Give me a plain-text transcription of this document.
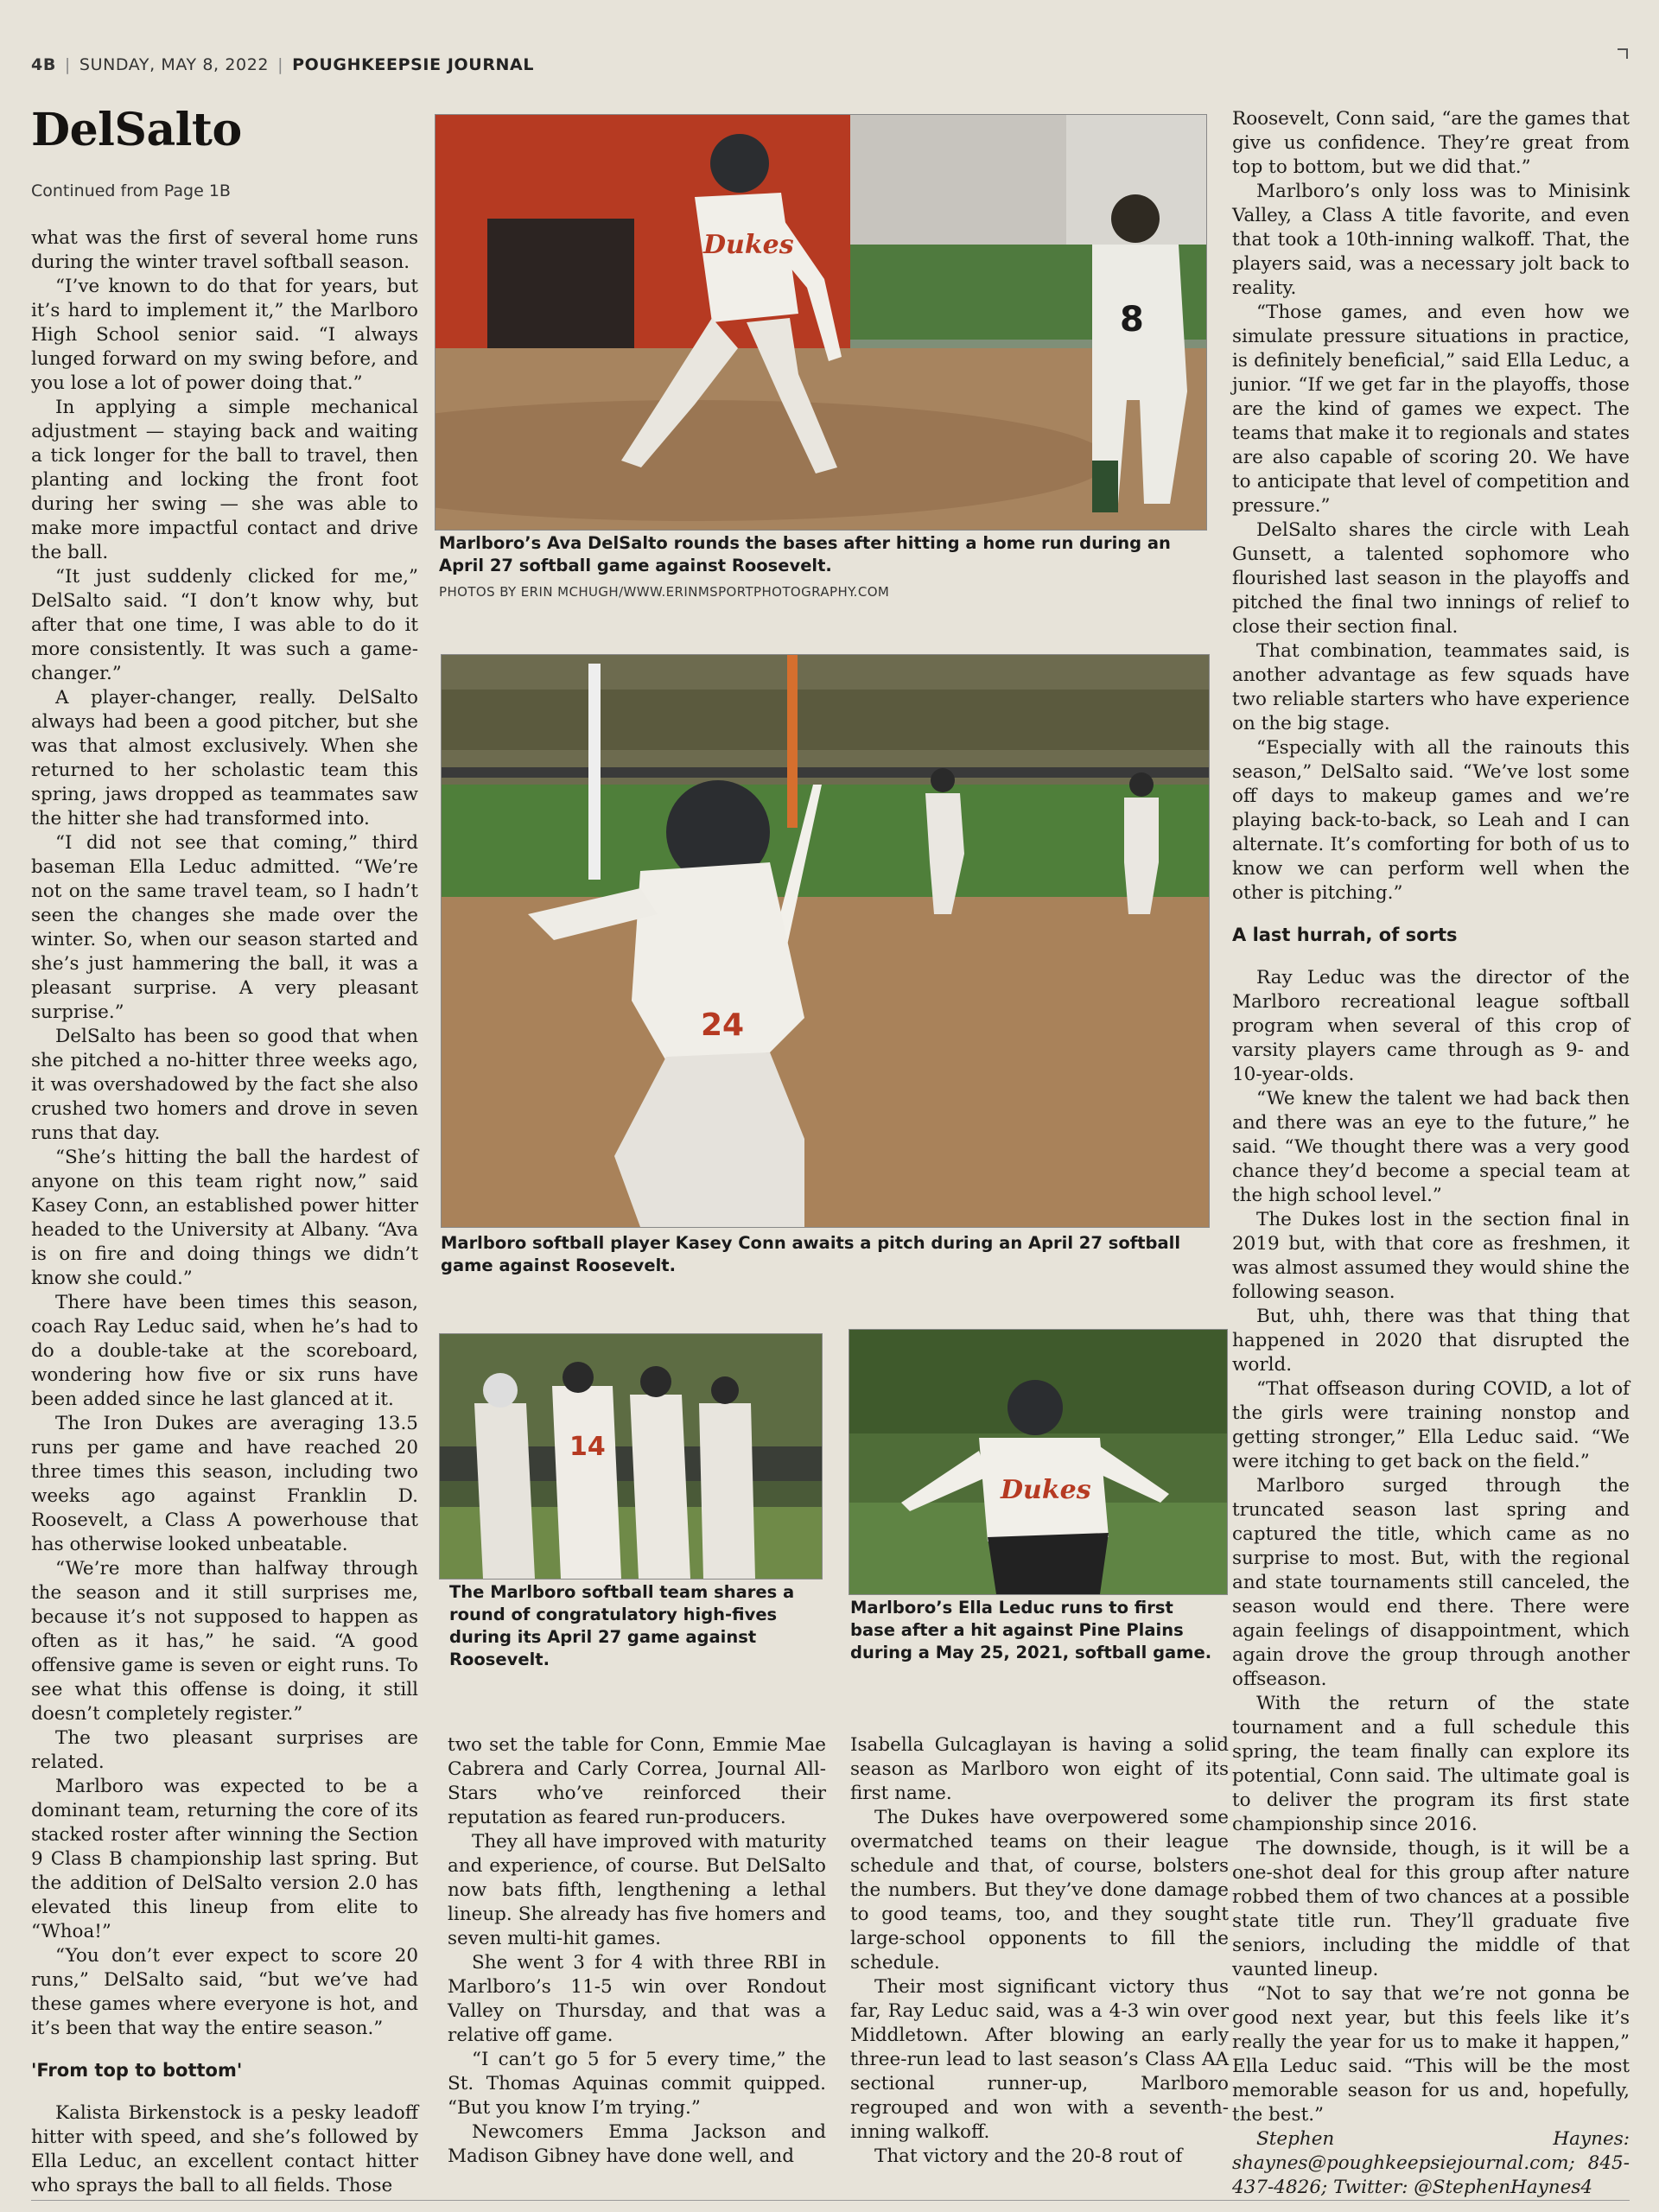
4B | SUNDAY, MAY 8, 2022 | POUGHKEEPSIE JOURNAL
DelSalto
Continued from Page 1B

what was the first of several home runs during the winter travel softball season.

“I’ve known to do that for years, but it’s hard to implement it,” the Marlboro High School senior said. “I always lunged forward on my swing before, and you lose a lot of power doing that.”

In applying a simple mechanical adjustment — staying back and waiting a tick longer for the ball to travel, then planting and locking the front foot during her swing — she was able to make more impactful contact and drive the ball.

“It just suddenly clicked for me,” DelSalto said. “I don’t know why, but after that one time, I was able to do it more consistently. It was such a game-changer.”

A player-changer, really. DelSalto always had been a good pitcher, but she was that almost exclusively. When she returned to her scholastic team this spring, jaws dropped as teammates saw the hitter she had transformed into.

“I did not see that coming,” third baseman Ella Leduc admitted. “We’re not on the same travel team, so I hadn’t seen the changes she made over the winter. So, when our season started and she’s just hammering the ball, it was a pleasant surprise. A very pleasant surprise.”

DelSalto has been so good that when she pitched a no-hitter three weeks ago, it was overshadowed by the fact she also crushed two homers and drove in seven runs that day.

“She’s hitting the ball the hardest of anyone on this team right now,” said Kasey Conn, an established power hitter headed to the University at Albany. “Ava is on fire and doing things we didn’t know she could.”

There have been times this season, coach Ray Leduc said, when he’s had to do a double-take at the scoreboard, wondering how five or six runs have been added since he last glanced at it.

The Iron Dukes are averaging 13.5 runs per game and have reached 20 three times this season, including two weeks ago against Franklin D. Roosevelt, a Class A powerhouse that has otherwise looked unbeatable.

“We’re more than halfway through the season and it still surprises me, because it’s not supposed to happen as often as it has,” he said. “A good offensive game is seven or eight runs. To see what this offense is doing, it still doesn’t completely register.”

The two pleasant surprises are related.

Marlboro was expected to be a dominant team, returning the core of its stacked roster after winning the Section 9 Class B championship last spring. But the addition of DelSalto version 2.0 has elevated this lineup from elite to “Whoa!”

“You don’t ever expect to score 20 runs,” DelSalto said, “but we’ve had these games where everyone is hot, and it’s been that way the entire season.”

'From top to bottom'

Kalista Birkenstock is a pesky leadoff hitter with speed, and she’s followed by Ella Leduc, an excellent contact hitter who sprays the ball to all fields. Those

Dukes
8
Marlboro’s Ava DelSalto rounds the bases after hitting a home run during an April 27 softball game against Roosevelt.
PHOTOS BY ERIN MCHUGH/WWW.ERINMSPORTPHOTOGRAPHY.COM
24
Marlboro softball player Kasey Conn awaits a pitch during an April 27 softball game against Roosevelt.
14
The Marlboro softball team shares a round of congratulatory high-fives during its April 27 game against Roosevelt.
Dukes
Marlboro’s Ella Leduc runs to first base after a hit against Pine Plains during a May 25, 2021, softball game.

two set the table for Conn, Emmie Mae Cabrera and Carly Correa, Journal All-Stars who’ve reinforced their reputation as feared run-producers.

They all have improved with maturity and experience, of course. But DelSalto now bats fifth, lengthening a lethal lineup. She already has five homers and seven multi-hit games.

She went 3 for 4 with three RBI in Marlboro’s 11-5 win over Rondout Valley on Thursday, and that was a relative off game.

“I can’t go 5 for 5 every time,” the St. Thomas Aquinas commit quipped. “But you know I’m trying.”

Newcomers Emma Jackson and Madison Gibney have done well, and

Isabella Gulcaglayan is having a solid season as Marlboro won eight of its first name.

The Dukes have overpowered some overmatched teams on their league schedule and that, of course, bolsters the numbers. But they’ve done damage to good teams, too, and they sought large-school opponents to fill the schedule.

Their most significant victory thus far, Ray Leduc said, was a 4-3 win over Middletown. After blowing an early three-run lead to last season’s Class AA sectional runner-up, Marlboro regrouped and won with a seventh-inning walkoff.

That victory and the 20-8 rout of

Roosevelt, Conn said, “are the games that give us confidence. They’re great from top to bottom, but we did that.”

Marlboro’s only loss was to Minisink Valley, a Class A title favorite, and even that took a 10th-inning walkoff. That, the players said, was a necessary jolt back to reality.

“Those games, and even how we simulate pressure situations in practice, is definitely beneficial,” said Ella Leduc, a junior. “If we get far in the playoffs, those are the kind of games we expect. The teams that make it to regionals and states are also capable of scoring 20. We have to anticipate that level of competition and pressure.”

DelSalto shares the circle with Leah Gunsett, a talented sophomore who flourished last season in the playoffs and pitched the final two innings of relief to close their section final.

That combination, teammates said, is another advantage as few squads have two reliable starters who have experience on the big stage.

“Especially with all the rainouts this season,” DelSalto said. “We’ve lost some off days to makeup games and we’re playing back-to-back, so Leah and I can alternate. It’s comforting for both of us to know we can perform well when the other is pitching.”

A last hurrah, of sorts

Ray Leduc was the director of the Marlboro recreational league softball program when several of this crop of varsity players came through as 9- and 10-year-olds.

“We knew the talent we had back then and there was an eye to the future,” he said. “We thought there was a very good chance they’d become a special team at the high school level.”

The Dukes lost in the section final in 2019 but, with that core as freshmen, it was almost assumed they would shine the following season.

But, uhh, there was that thing that happened in 2020 that disrupted the world.

“That offseason during COVID, a lot of the girls were training nonstop and getting stronger,” Ella Leduc said. “We were itching to get back on the field.”

Marlboro surged through the truncated season last spring and captured the title, which came as no surprise to most. But, with the regional and state tournaments still canceled, the season would end there. There were again feelings of disappointment, which again drove the group through another offseason.

With the return of the state tournament and a full schedule this spring, the team finally can explore its potential, Conn said. The ultimate goal is to deliver the program its first state championship since 2016.

The downside, though, is it will be a one-shot deal for this group after nature robbed them of two chances at a possible state title run. They’ll graduate five seniors, including the middle of that vaunted lineup.

“Not to say that we’re not gonna be good next year, but this feels like it’s really the year for us to make it happen,” Ella Leduc said. “This will be the most memorable season for us and, hopefully, the best.”

Stephen Haynes: shaynes@poughkeepsiejournal.com; 845-437-4826; Twitter: @StephenHaynes4
